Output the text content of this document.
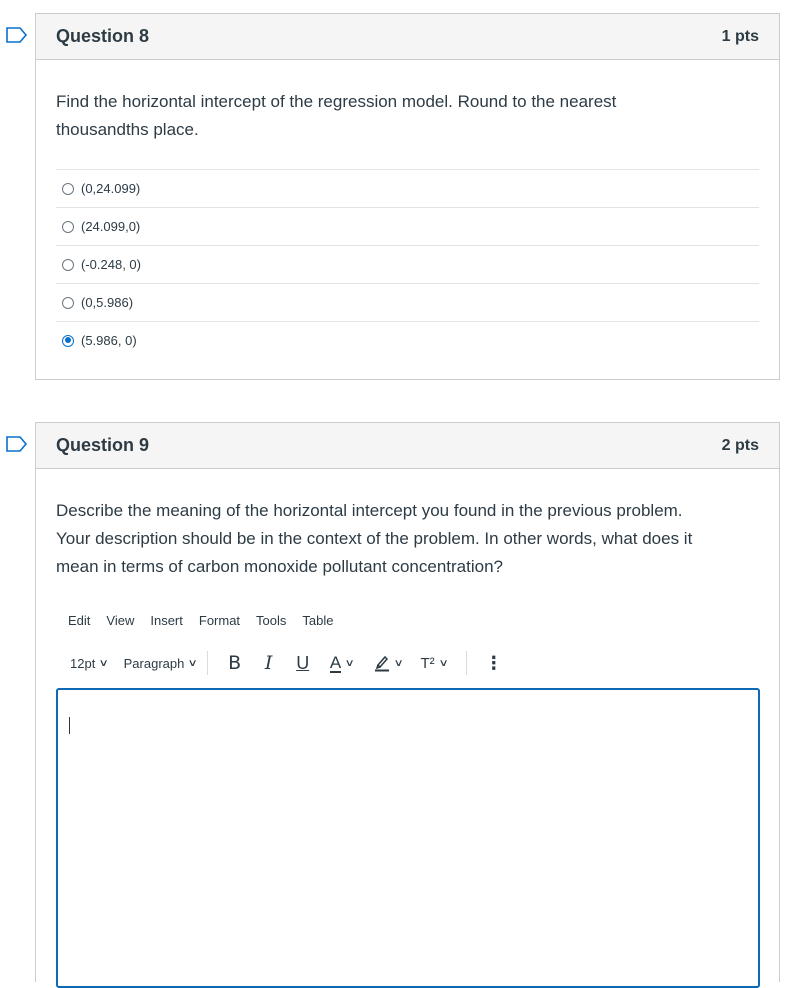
Question 8	1 pts
Find the horizontal intercept of the regression model. Round to the nearest
thousandths place.
(0,24.099)
(24.099,0)
(-0.248, 0)
(0,5.986)
(5.986, 0)
Question 9	2 pts
Describe the meaning of the horizontal intercept you found in the previous problem.
Your description should be in the context of the problem. In other words, what does it
mean in terms of carbon monoxide pollutant concentration?
Edit View Insert Format Tools Table
12pt ∨ Paragraph ∨ B I U A ∨	∨ T² ∨ ⋮
